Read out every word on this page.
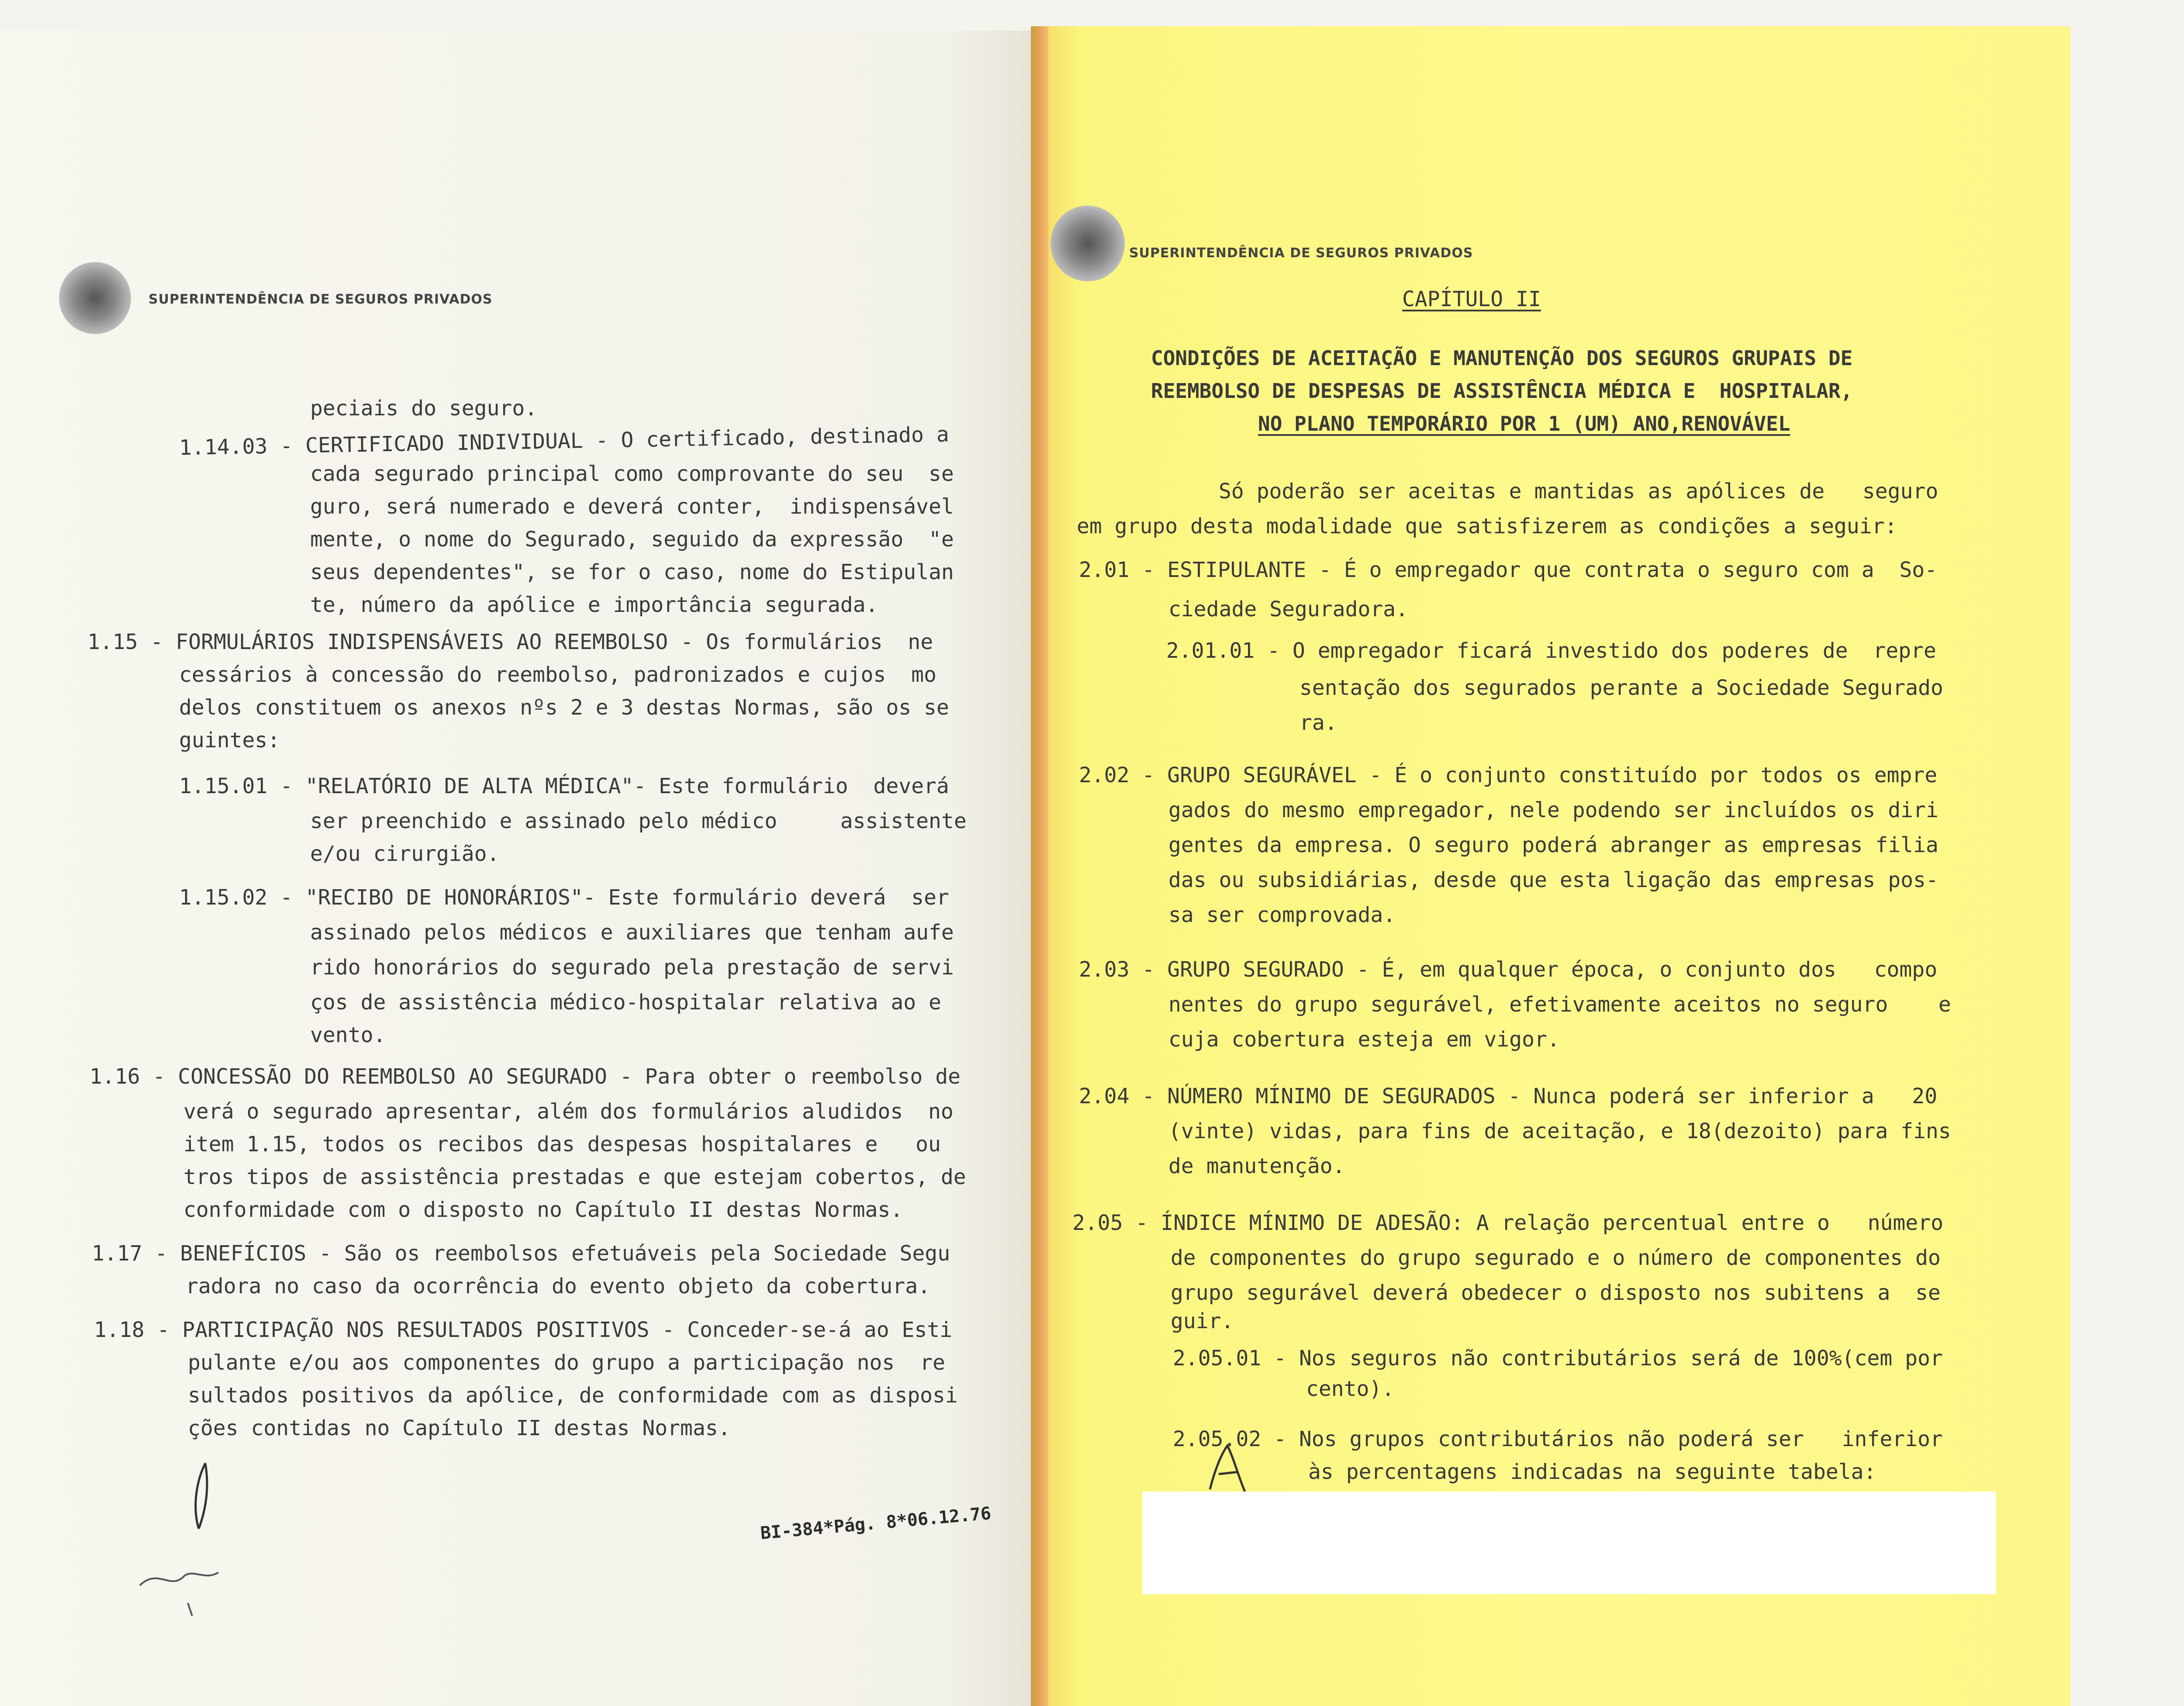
SUPERINTENDÊNCIA DE SEGUROS PRIVADOS
peciais do seguro.
1.14.03 - CERTIFICADO INDIVIDUAL - O certificado, destinado a
cada segurado principal como comprovante do seu  se
guro, será numerado e deverá conter,  indispensável
mente, o nome do Segurado, seguido da expressão  "e
seus dependentes", se for o caso, nome do Estipulan
te, número da apólice e importância segurada.
1.15 - FORMULÁRIOS INDISPENSÁVEIS AO REEMBOLSO - Os formulários  ne
cessários à concessão do reembolso, padronizados e cujos  mo
delos constituem os anexos nºs 2 e 3 destas Normas, são os se
guintes:
1.15.01 - "RELATÓRIO DE ALTA MÉDICA"- Este formulário  deverá
ser preenchido e assinado pelo médico     assistente
e/ou cirurgião.
1.15.02 - "RECIBO DE HONORÁRIOS"- Este formulário deverá  ser
assinado pelos médicos e auxiliares que tenham aufe
rido honorários do segurado pela prestação de servi
ços de assistência médico-hospitalar relativa ao e
vento.
1.16 - CONCESSÃO DO REEMBOLSO AO SEGURADO - Para obter o reembolso de
verá o segurado apresentar, além dos formulários aludidos  no
item 1.15, todos os recibos das despesas hospitalares e   ou
tros tipos de assistência prestadas e que estejam cobertos, de
conformidade com o disposto no Capítulo II destas Normas.
1.17 - BENEFÍCIOS - São os reembolsos efetuáveis pela Sociedade Segu
radora no caso da ocorrência do evento objeto da cobertura.
1.18 - PARTICIPAÇÃO NOS RESULTADOS POSITIVOS - Conceder-se-á ao Esti
pulante e/ou aos componentes do grupo a participação nos  re
sultados positivos da apólice, de conformidade com as disposi
ções contidas no Capítulo II destas Normas.
BI-384*Pág. 8*06.12.76
SUPERINTENDÊNCIA DE SEGUROS PRIVADOS
CAPÍTULO II
CONDIÇÕES DE ACEITAÇÃO E MANUTENÇÃO DOS SEGUROS GRUPAIS DE
REEMBOLSO DE DESPESAS DE ASSISTÊNCIA MÉDICA E  HOSPITALAR,
NO PLANO TEMPORÁRIO POR 1 (UM) ANO,RENOVÁVEL
Só poderão ser aceitas e mantidas as apólices de   seguro
em grupo desta modalidade que satisfizerem as condições a seguir:
2.01 - ESTIPULANTE - É o empregador que contrata o seguro com a  So-
ciedade Seguradora.
2.01.01 - O empregador ficará investido dos poderes de  repre
sentação dos segurados perante a Sociedade Segurado
ra.
2.02 - GRUPO SEGURÁVEL - É o conjunto constituído por todos os empre
gados do mesmo empregador, nele podendo ser incluídos os diri
gentes da empresa. O seguro poderá abranger as empresas filia
das ou subsidiárias, desde que esta ligação das empresas pos-
sa ser comprovada.
2.03 - GRUPO SEGURADO - É, em qualquer época, o conjunto dos   compo
nentes do grupo segurável, efetivamente aceitos no seguro    e
cuja cobertura esteja em vigor.
2.04 - NÚMERO MÍNIMO DE SEGURADOS - Nunca poderá ser inferior a   20
(vinte) vidas, para fins de aceitação, e 18(dezoito) para fins
de manutenção.
2.05 - ÍNDICE MÍNIMO DE ADESÃO: A relação percentual entre o   número
de componentes do grupo segurado e o número de componentes do
grupo segurável deverá obedecer o disposto nos subitens a  se
guir.
2.05.01 - Nos seguros não contributários será de 100%(cem por
cento).
2.05.02 - Nos grupos contributários não poderá ser   inferior
às percentagens indicadas na seguinte tabela:
